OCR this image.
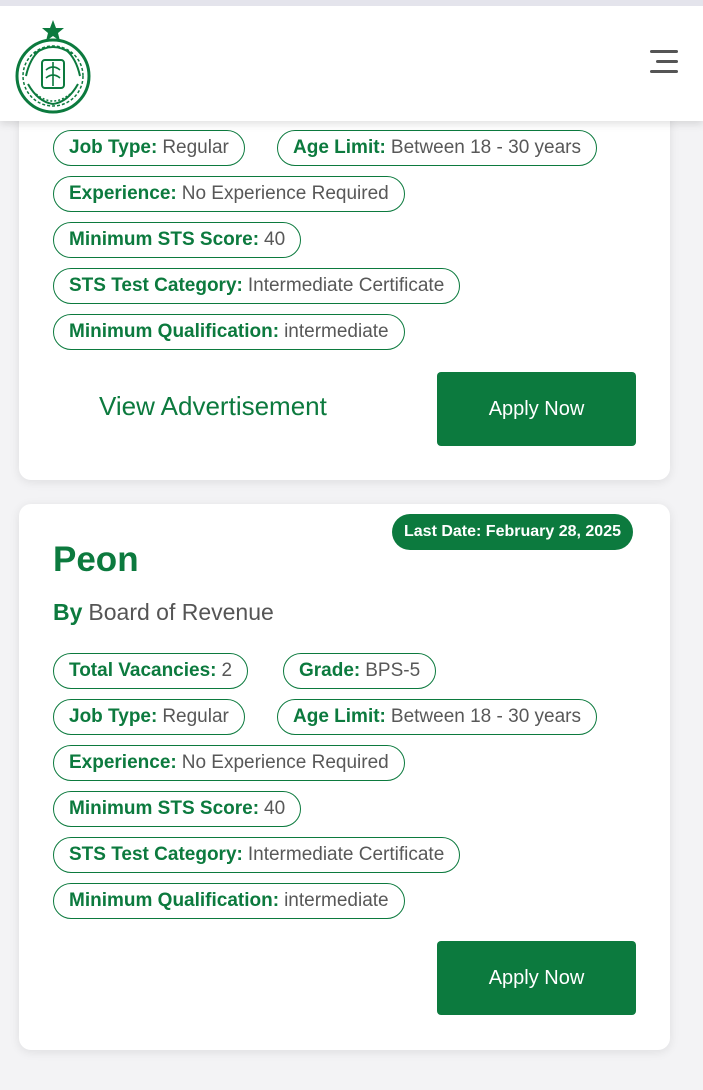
Job Type: Regular	Age Limit: Between 18 - 30 years
Experience: No Experience Required
Minimum STS Score: 40
STS Test Category: Intermediate Certificate
Minimum Qualification: intermediate
View Advertisement	Apply Now
Last Date: February 28, 2025
Peon
By Board of Revenue
Total Vacancies: 2	Grade: BPS-5
Job Type: Regular	Age Limit: Between 18 - 30 years
Experience: No Experience Required
Minimum STS Score: 40
STS Test Category: Intermediate Certificate
Minimum Qualification: intermediate
Apply Now
